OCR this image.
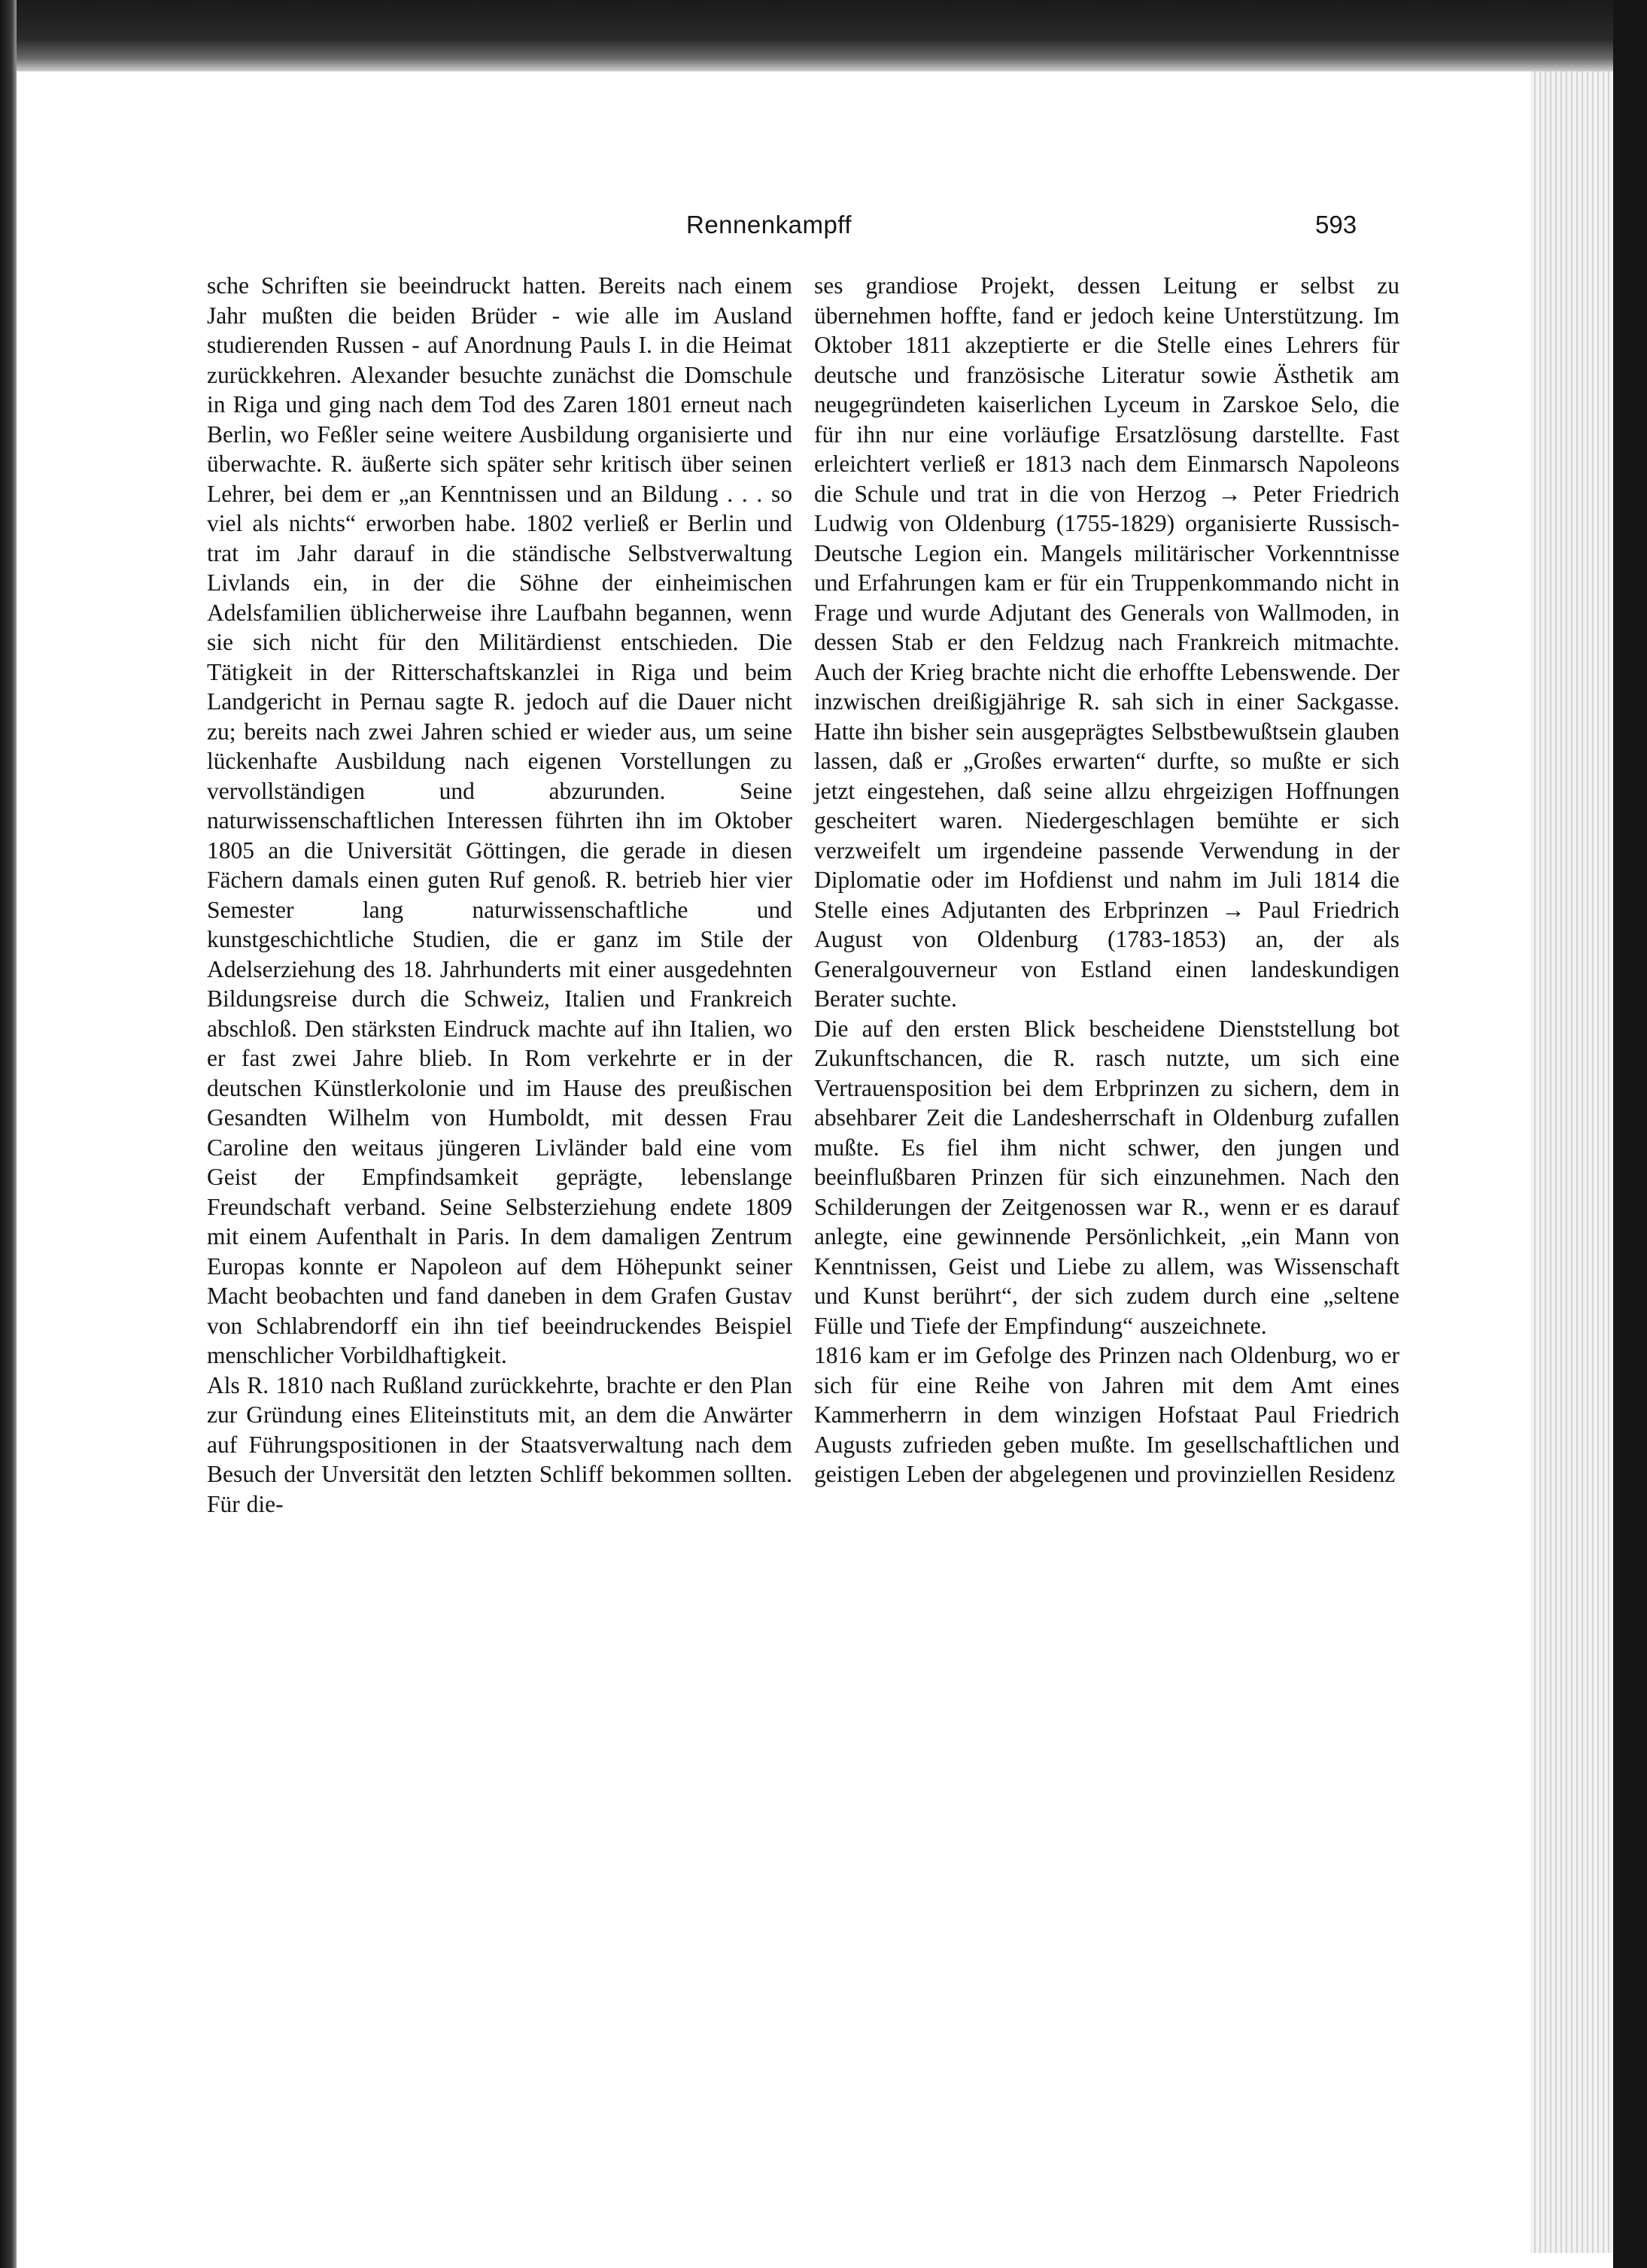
Rennenkampff	593

sche Schriften sie beeindruckt hatten. Bereits nach einem Jahr mußten die beiden Brüder - wie alle im Ausland studierenden Russen - auf Anordnung Pauls I. in die Heimat zurückkehren. Alexander besuchte zunächst die Domschule in Riga und ging nach dem Tod des Zaren 1801 erneut nach Berlin, wo Feßler seine weitere Ausbildung organisierte und überwachte. R. äußerte sich später sehr kritisch über seinen Lehrer, bei dem er „an Kenntnissen und an Bildung . . . so viel als nichts“ erworben habe. 1802 verließ er Berlin und trat im Jahr darauf in die ständische Selbstverwaltung Livlands ein, in der die Söhne der einheimischen Adelsfamilien üblicherweise ihre Laufbahn begannen, wenn sie sich nicht für den Militärdienst entschieden. Die Tätigkeit in der Ritterschaftskanzlei in Riga und beim Landgericht in Pernau sagte R. jedoch auf die Dauer nicht zu; bereits nach zwei Jahren schied er wieder aus, um seine lückenhafte Ausbildung nach eigenen Vorstellungen zu vervollständigen und abzurunden. Seine naturwissenschaftlichen Interessen führten ihn im Oktober 1805 an die Universität Göttingen, die gerade in diesen Fächern damals einen guten Ruf genoß. R. betrieb hier vier Semester lang naturwissenschaftliche und kunstgeschichtliche Studien, die er ganz im Stile der Adelserziehung des 18. Jahrhunderts mit einer ausgedehnten Bildungsreise durch die Schweiz, Italien und Frankreich abschloß. Den stärksten Eindruck machte auf ihn Italien, wo er fast zwei Jahre blieb. In Rom verkehrte er in der deutschen Künstlerkolonie und im Hause des preußischen Gesandten Wilhelm von Humboldt, mit dessen Frau Caroline den weitaus jüngeren Livländer bald eine vom Geist der Empfindsamkeit geprägte, lebenslange Freundschaft verband. Seine Selbsterziehung endete 1809 mit einem Aufenthalt in Paris. In dem damaligen Zentrum Europas konnte er Napoleon auf dem Höhepunkt seiner Macht beobachten und fand daneben in dem Grafen Gustav von Schlabrendorff ein ihn tief beeindruckendes Beispiel menschlicher Vorbildhaftigkeit.

Als R. 1810 nach Rußland zurückkehrte, brachte er den Plan zur Gründung eines Eliteinstituts mit, an dem die Anwärter auf Führungspositionen in der Staatsverwaltung nach dem Besuch der Unversität den letzten Schliff bekommen sollten. Für die-

ses grandiose Projekt, dessen Leitung er selbst zu übernehmen hoffte, fand er jedoch keine Unterstützung. Im Oktober 1811 akzeptierte er die Stelle eines Lehrers für deutsche und französische Literatur sowie Ästhetik am neugegründeten kaiserlichen Lyceum in Zarskoe Selo, die für ihn nur eine vorläufige Ersatzlösung darstellte. Fast erleichtert verließ er 1813 nach dem Einmarsch Napoleons die Schule und trat in die von Herzog → Peter Friedrich Ludwig von Oldenburg (1755-1829) organisierte Russisch-Deutsche Legion ein. Mangels militärischer Vorkenntnisse und Erfahrungen kam er für ein Truppenkommando nicht in Frage und wurde Adjutant des Generals von Wallmoden, in dessen Stab er den Feldzug nach Frankreich mitmachte. Auch der Krieg brachte nicht die erhoffte Lebenswende. Der inzwischen dreißigjährige R. sah sich in einer Sackgasse. Hatte ihn bisher sein ausgeprägtes Selbstbewußtsein glauben lassen, daß er „Großes erwarten“ durfte, so mußte er sich jetzt eingestehen, daß seine allzu ehrgeizigen Hoffnungen gescheitert waren. Niedergeschlagen bemühte er sich verzweifelt um irgendeine passende Verwendung in der Diplomatie oder im Hofdienst und nahm im Juli 1814 die Stelle eines Adjutanten des Erbprinzen → Paul Friedrich August von Oldenburg (1783-1853) an, der als Generalgouverneur von Estland einen landeskundigen Berater suchte.

Die auf den ersten Blick bescheidene Dienststellung bot Zukunftschancen, die R. rasch nutzte, um sich eine Vertrauensposition bei dem Erbprinzen zu sichern, dem in absehbarer Zeit die Landesherrschaft in Oldenburg zufallen mußte. Es fiel ihm nicht schwer, den jungen und beeinflußbaren Prinzen für sich einzunehmen. Nach den Schilderungen der Zeitgenossen war R., wenn er es darauf anlegte, eine gewinnende Persönlichkeit, „ein Mann von Kenntnissen, Geist und Liebe zu allem, was Wissenschaft und Kunst berührt“, der sich zudem durch eine „seltene Fülle und Tiefe der Empfindung“ auszeichnete.

1816 kam er im Gefolge des Prinzen nach Oldenburg, wo er sich für eine Reihe von Jahren mit dem Amt eines Kammerherrn in dem winzigen Hofstaat Paul Friedrich Augusts zufrieden geben mußte. Im gesellschaftlichen und geistigen Leben der abgelegenen und provinziellen Residenz
